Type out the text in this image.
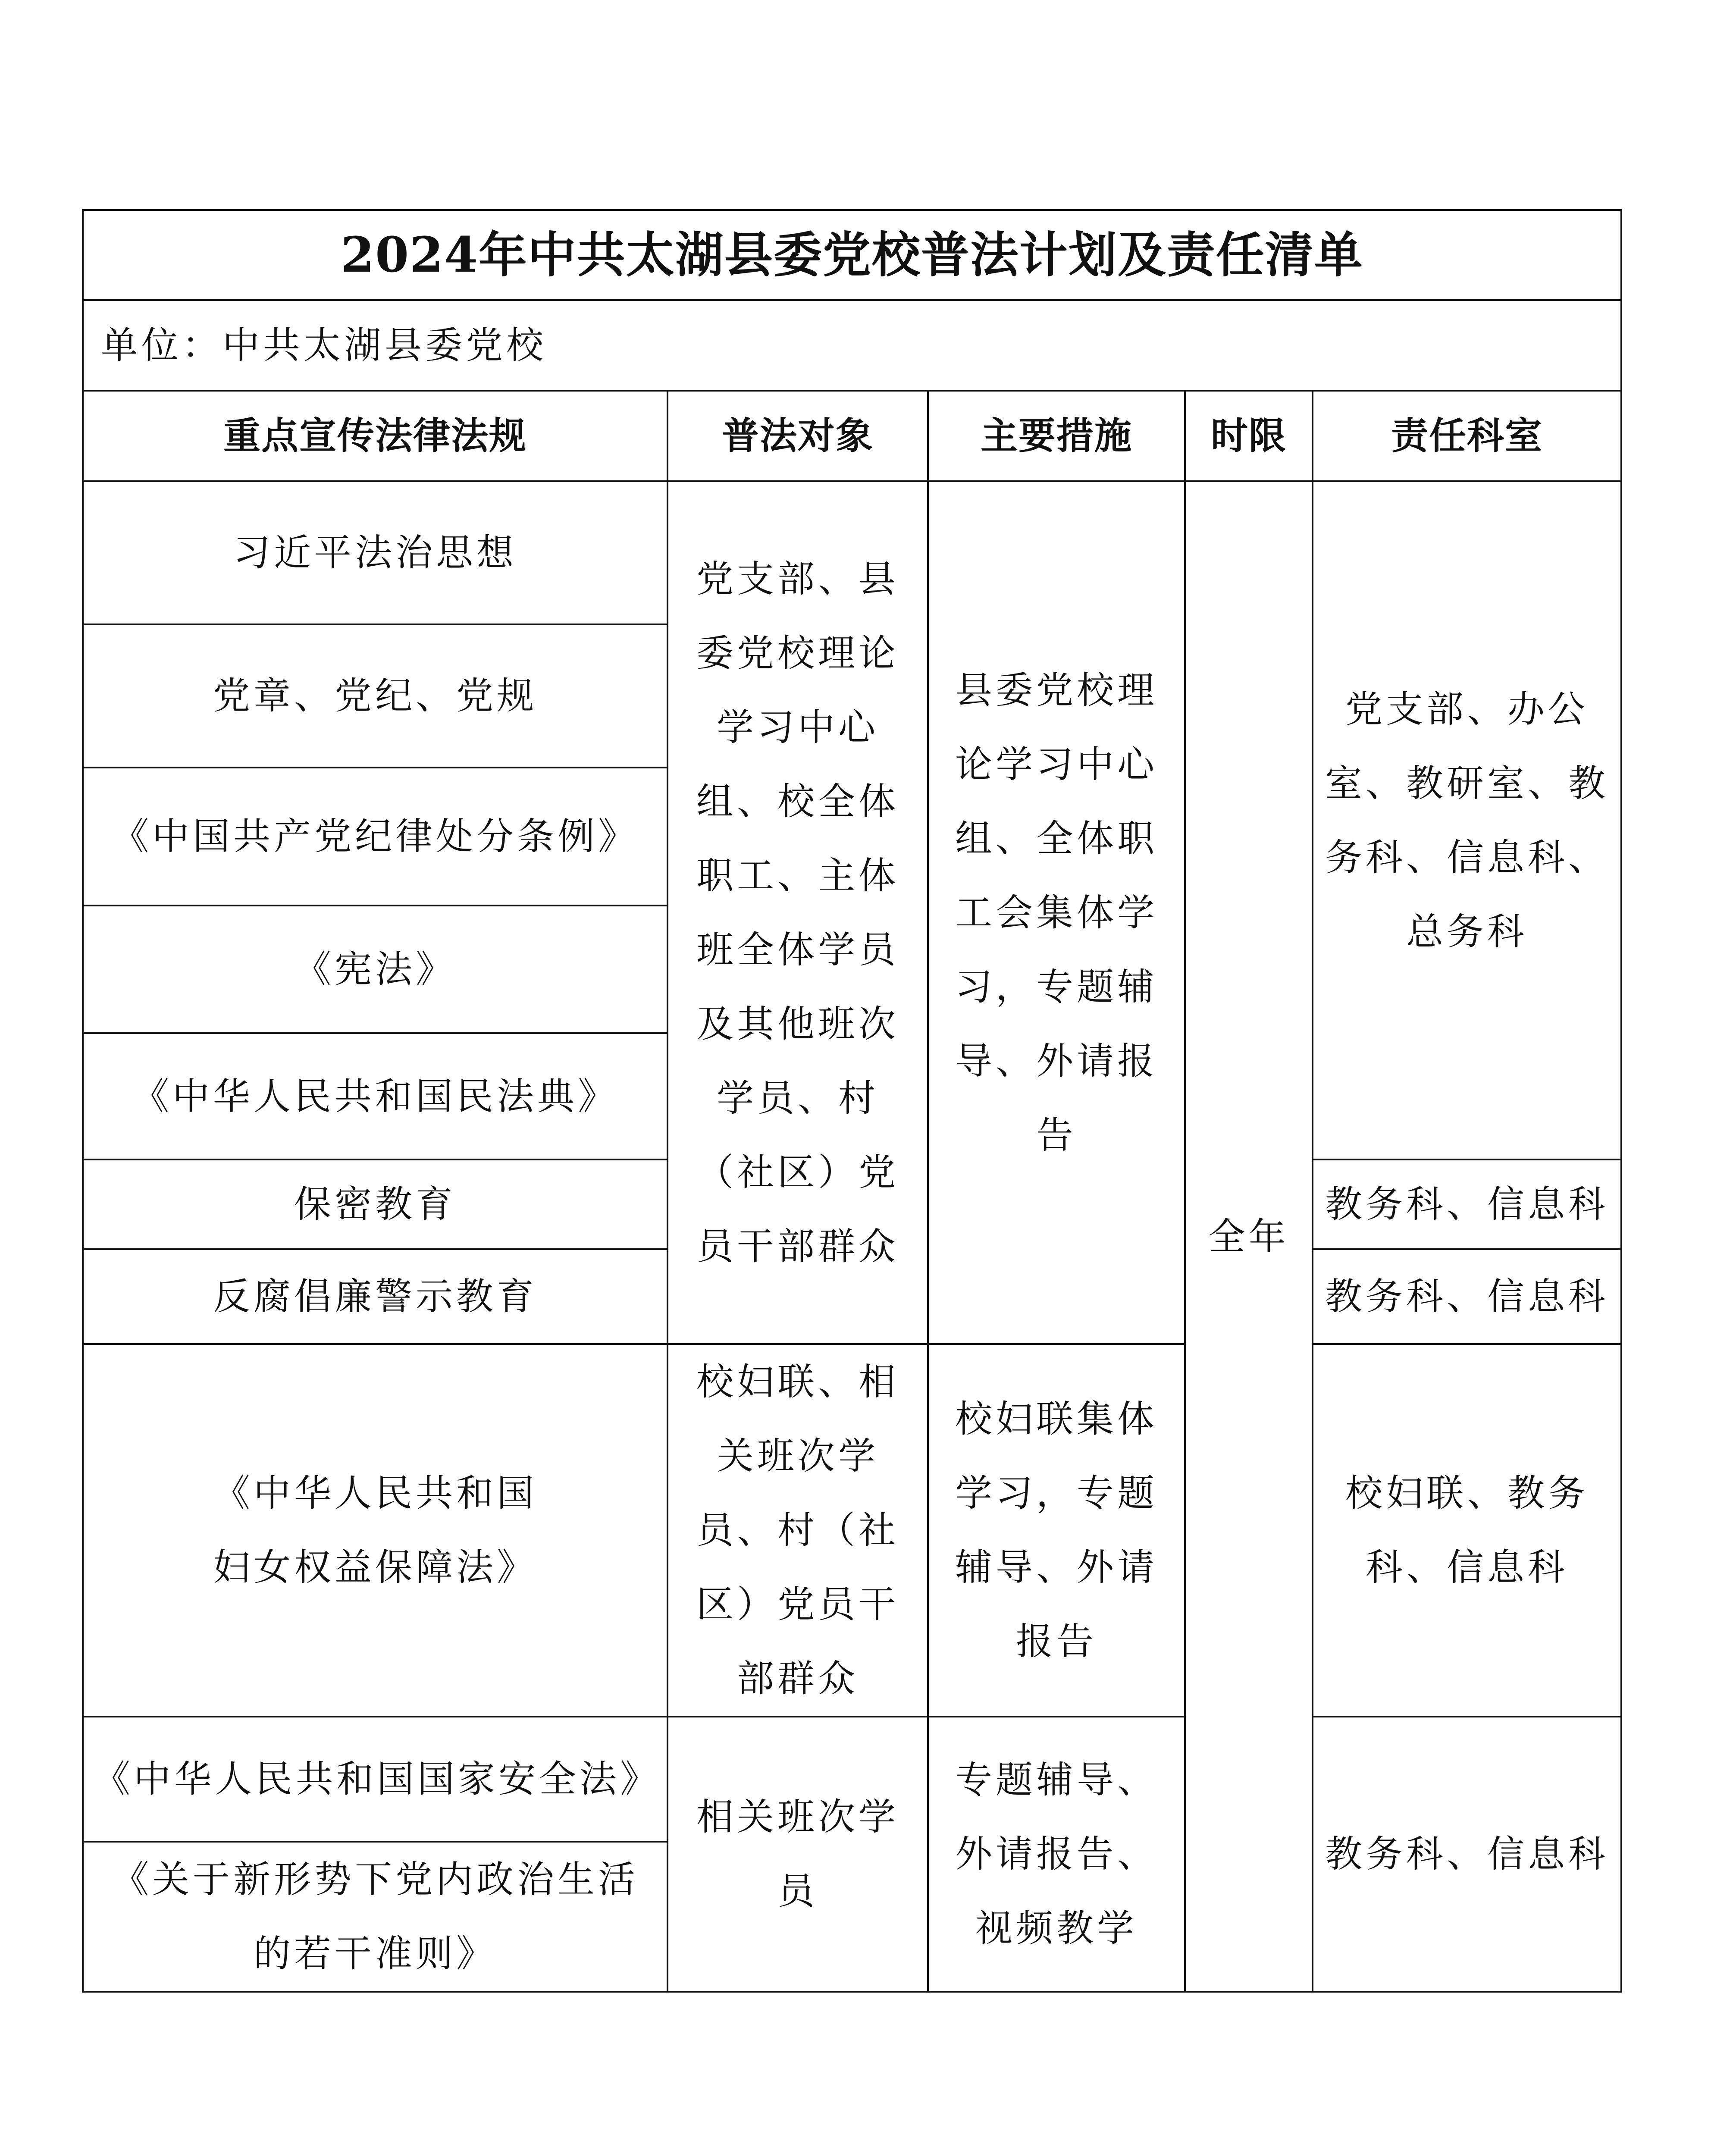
2024年中共太湖县委党校普法计划及责任清单				
单位：中共太湖县委党校				
重点宣传法律法规	普法对象	主要措施	时限	责任科室
习近平法治思想	党支部、县委党校理论学习中心组、校全体职工、主体班全体学员及其他班次学员、村（社区）党员干部群众	县委党校理论学习中心组、全体职工会集体学习，专题辅导、外请报告	全年	党支部、办公室、教研室、教务科、信息科、总务科
党章、党纪、党规				
《中国共产党纪律处分条例》				
《宪法》				
《中华人民共和国民法典》				
保密教育				教务科、信息科
反腐倡廉警示教育				教务科、信息科
《中华人民共和国妇女权益保障法》	校妇联、相关班次学员、村（社区）党员干部群众	校妇联集体学习，专题辅导、外请报告		校妇联、教务科、信息科
《中华人民共和国国家安全法》	相关班次学员	专题辅导、外请报告、视频教学		教务科、信息科
《关于新形势下党内政治生活的若干准则》				
